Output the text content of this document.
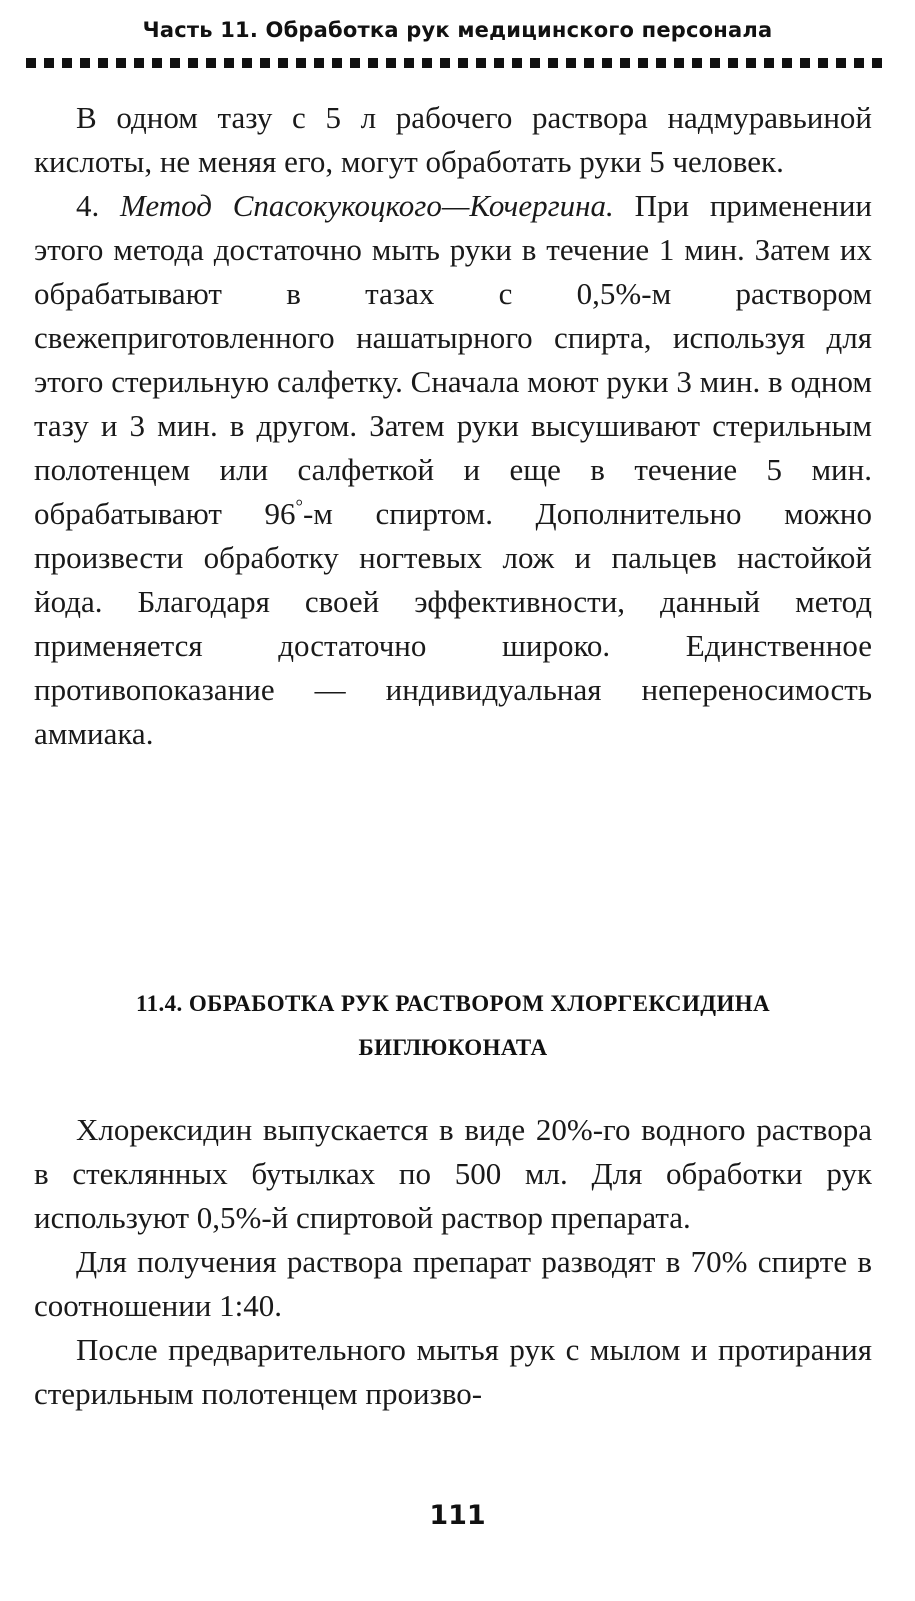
Часть 11. Обработка рук медицинского персонала

В одном тазу с 5 л рабочего раствора надмуравьиной кислоты, не меняя его, могут обработать руки 5 человек.

4. Метод Спасокукоцкого—Кочергина. При применении этого метода достаточно мыть руки в течение 1 мин. Затем их обрабатывают в тазах с 0,5%-м раствором свежеприготовленного нашатырного спирта, используя для этого стерильную салфетку. Сначала моют руки 3 мин. в одном тазу и 3 мин. в другом. Затем руки высушивают стерильным полотенцем или салфеткой и еще в течение 5 мин. обрабатывают 96°-м спиртом. Дополнительно можно произвести обработку ногтевых лож и пальцев настойкой йода. Благодаря своей эффективности, данный метод применяется достаточно широко. Единственное противопоказание — индивидуальная непереносимость аммиака.

11.4. ОБРАБОТКА РУК РАСТВОРОМ ХЛОРГЕКСИДИНА
БИГЛЮКОНАТА

Хлорексидин выпускается в виде 20%-го водного раствора в стеклянных бутылках по 500 мл. Для обработки рук используют 0,5%-й спиртовой раствор препарата.

Для получения раствора препарат разводят в 70% спирте в соотношении 1:40.

После предварительного мытья рук с мылом и протирания стерильным полотенцем произво-

111
